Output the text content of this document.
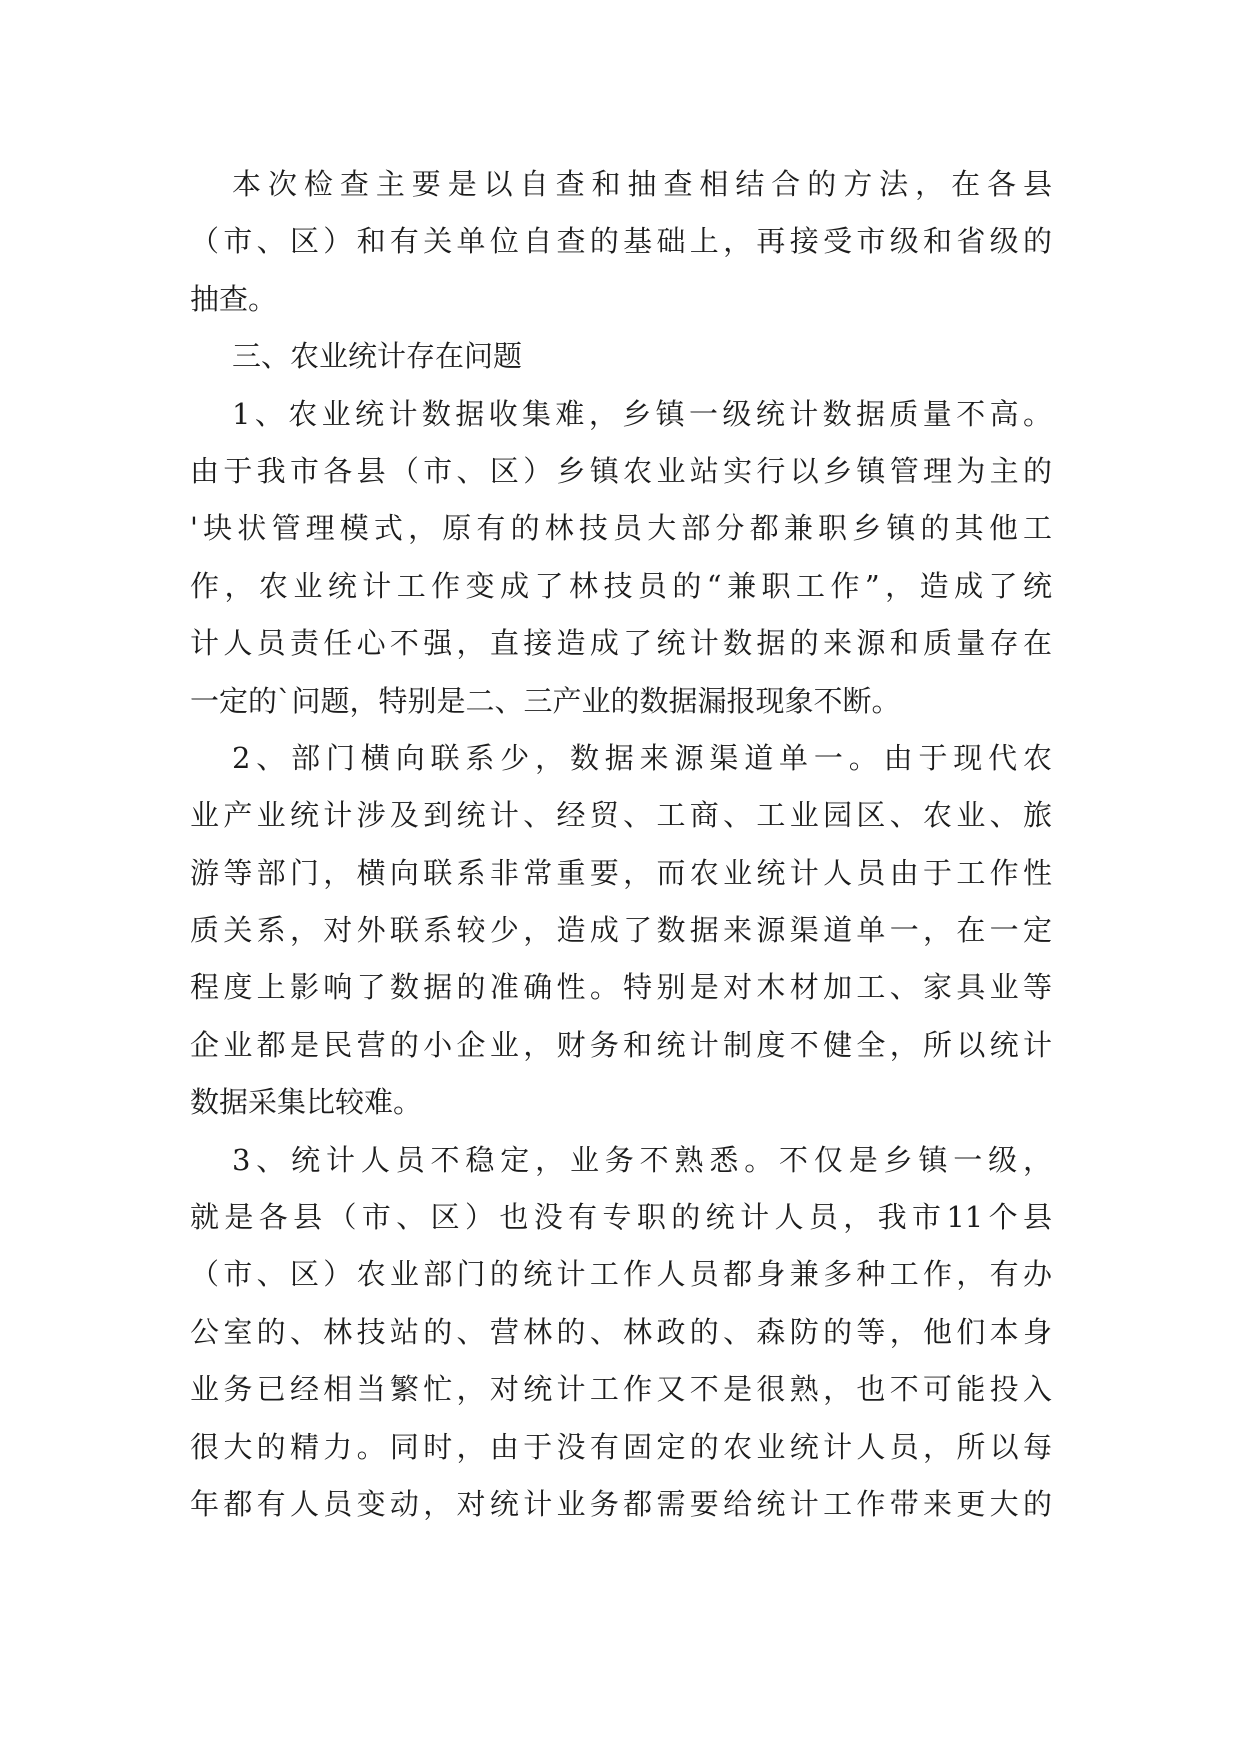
本次检查主要是以自查和抽查相结合的方法，在各县
（市、区）和有关单位自查的基础上，再接受市级和省级的
抽查。
三、农业统计存在问题
1、农业统计数据收集难，乡镇一级统计数据质量不高。
由于我市各县（市、区）乡镇农业站实行以乡镇管理为主的
'块状管理模式，原有的林技员大部分都兼职乡镇的其他工
作，农业统计工作变成了林技员的“兼职工作”，造成了统
计人员责任心不强，直接造成了统计数据的来源和质量存在
一定的`问题，特别是二、三产业的数据漏报现象不断。
2、部门横向联系少，数据来源渠道单一。由于现代农
业产业统计涉及到统计、经贸、工商、工业园区、农业、旅
游等部门，横向联系非常重要，而农业统计人员由于工作性
质关系，对外联系较少，造成了数据来源渠道单一，在一定
程度上影响了数据的准确性。特别是对木材加工、家具业等
企业都是民营的小企业，财务和统计制度不健全，所以统计
数据采集比较难。
3、统计人员不稳定，业务不熟悉。不仅是乡镇一级，
就是各县（市、区）也没有专职的统计人员，我市11个县
（市、区）农业部门的统计工作人员都身兼多种工作，有办
公室的、林技站的、营林的、林政的、森防的等，他们本身
业务已经相当繁忙，对统计工作又不是很熟，也不可能投入
很大的精力。同时，由于没有固定的农业统计人员，所以每
年都有人员变动，对统计业务都需要给统计工作带来更大的
